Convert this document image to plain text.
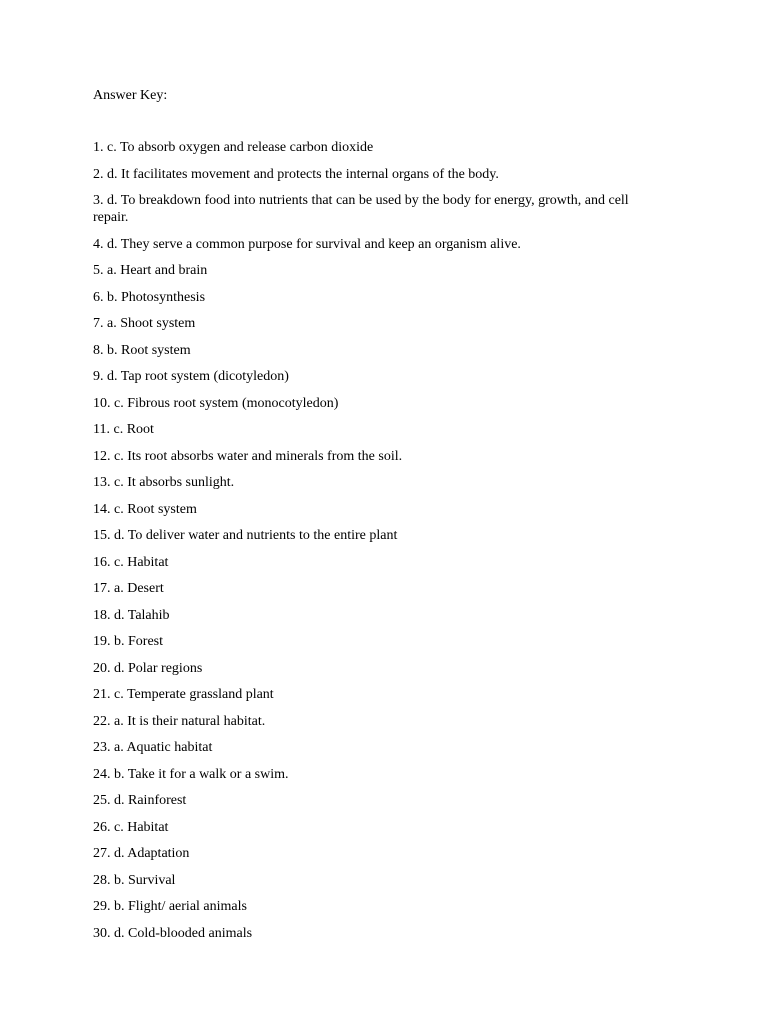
Answer Key:

1. c. To absorb oxygen and release carbon dioxide
2. d. It facilitates movement and protects the internal organs of the body.
3. d. To breakdown food into nutrients that can be used by the body for energy, growth, and cell repair.
4. d. They serve a common purpose for survival and keep an organism alive.
5. a. Heart and brain
6. b. Photosynthesis
7. a. Shoot system
8. b. Root system
9. d. Tap root system (dicotyledon)
10. c. Fibrous root system (monocotyledon)
11. c. Root
12. c. Its root absorbs water and minerals from the soil.
13. c. It absorbs sunlight.
14. c. Root system
15. d. To deliver water and nutrients to the entire plant
16. c. Habitat
17. a. Desert
18. d. Talahib
19. b. Forest
20. d. Polar regions
21. c. Temperate grassland plant
22. a. It is their natural habitat.
23. a. Aquatic habitat
24. b. Take it for a walk or a swim.
25. d. Rainforest
26. c. Habitat
27. d. Adaptation
28. b. Survival
29. b. Flight/ aerial animals
30. d. Cold-blooded animals
